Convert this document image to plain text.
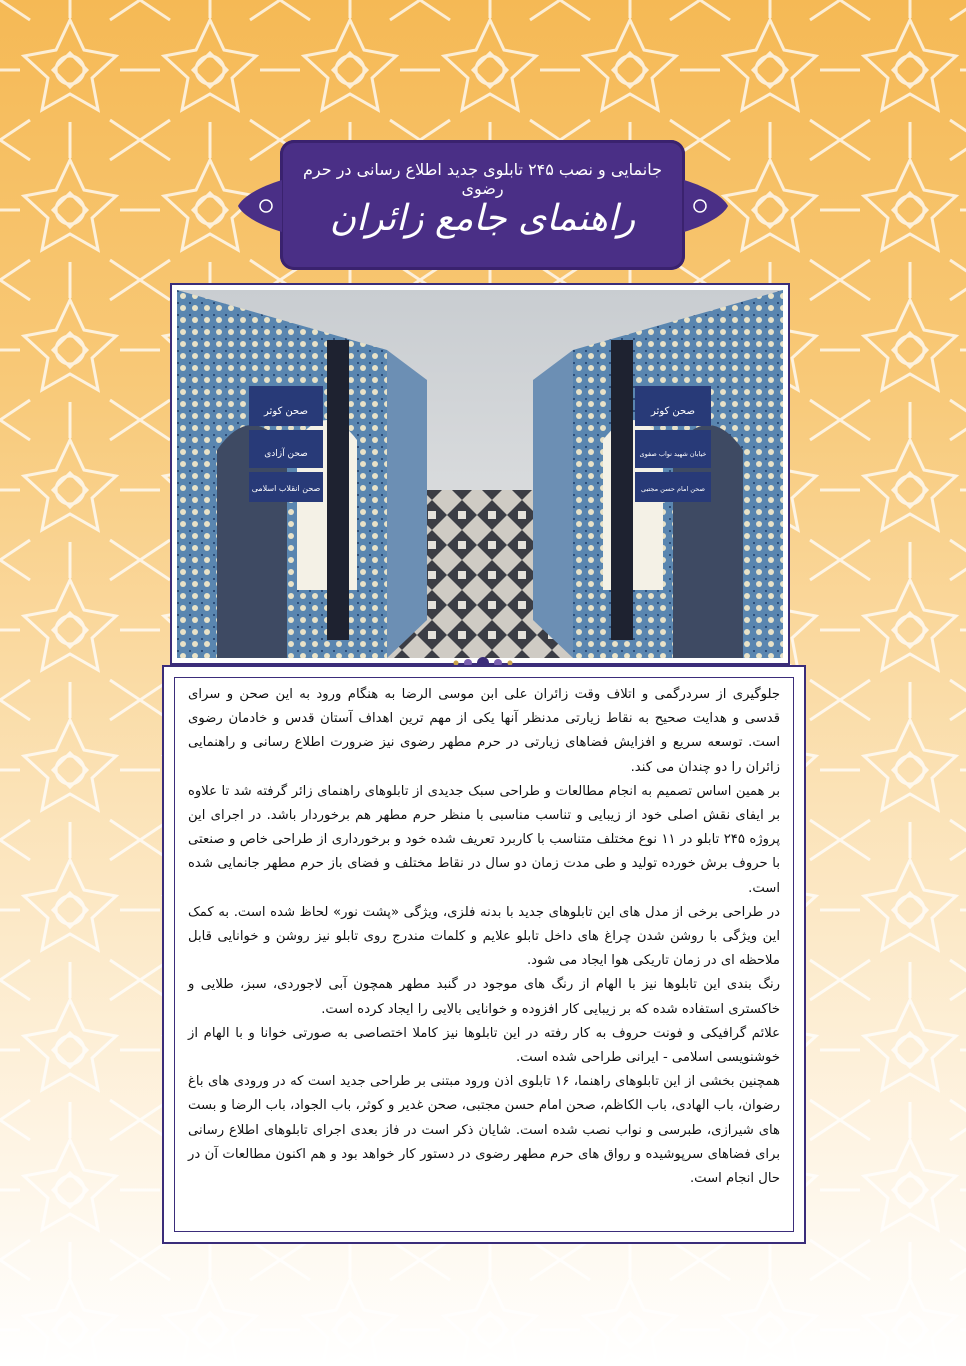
جانمایی و نصب ۲۴۵ تابلوی جدید اطلاع رسانی در حرم رضوی
راهنمای جامع زائران
صحن کوثر
صحن آزادی
صحن انقلاب اسلامی
صحن کوثر
خیابان شهید نواب صفوی
صحن امام حسن مجتبی

جلوگیری از سردرگمی و اتلاف وقت زائران علی ابن موسی الرضا به هنگام ورود به این صحن و سرای قدسی و هدایت صحیح به نقاط زیارتی مدنظر آنها یکی از مهم ترین اهداف آستان قدس و خادمان رضوی است. توسعه سریع و افزایش فضاهای زیارتی در حرم مطهر رضوی نیز ضرورت اطلاع رسانی و راهنمایی زائران را دو چندان می کند.

بر همین اساس تصمیم به انجام مطالعات و طراحی سبک جدیدی از تابلوهای راهنمای زائر گرفته شد تا علاوه بر ایفای نقش اصلی خود از زیبایی و تناسب مناسبی با منظر حرم مطهر هم برخوردار باشد. در اجرای این پروژه ۲۴۵ تابلو در ۱۱ نوع مختلف متناسب با کاربرد تعریف شده خود و برخورداری از طراحی خاص و صنعتی با حروف برش خورده تولید و طی مدت زمان دو سال در نقاط مختلف و فضای باز حرم مطهر جانمایی شده است.

در طراحی برخی از مدل های این تابلوهای جدید با بدنه فلزی، ویژگی «پشت نور» لحاظ شده است. به کمک این ویژگی با روشن شدن چراغ های داخل تابلو علایم و کلمات مندرج روی تابلو نیز روشن و خوانایی قابل ملاحظه ای در زمان تاریکی هوا ایجاد می شود.

رنگ بندی این تابلوها نیز با الهام از رنگ های موجود در گنبد مطهر همچون آبی لاجوردی، سبز، طلایی و خاکستری استفاده شده که بر زیبایی کار افزوده و خوانایی بالایی را ایجاد کرده است.

علائم گرافیکی و فونت حروف به کار رفته در این تابلوها نیز کاملا اختصاصی به صورتی خوانا و با الهام از خوشنویسی اسلامی - ایرانی طراحی شده است.

همچنین بخشی از این تابلوهای راهنما، ۱۶ تابلوی اذن ورود مبتنی بر طراحی جدید است که در ورودی های باغ رضوان، باب الهادی، باب الکاظم، صحن امام حسن مجتبی، صحن غدیر و کوثر، باب الجواد، باب الرضا و بست های شیرازی، طبرسی و نواب نصب شده است. شایان ذکر است در فاز بعدی اجرای تابلوهای اطلاع رسانی برای فضاهای سرپوشیده و رواق های حرم مطهر رضوی در دستور کار خواهد بود و هم اکنون مطالعات آن در حال انجام است.
